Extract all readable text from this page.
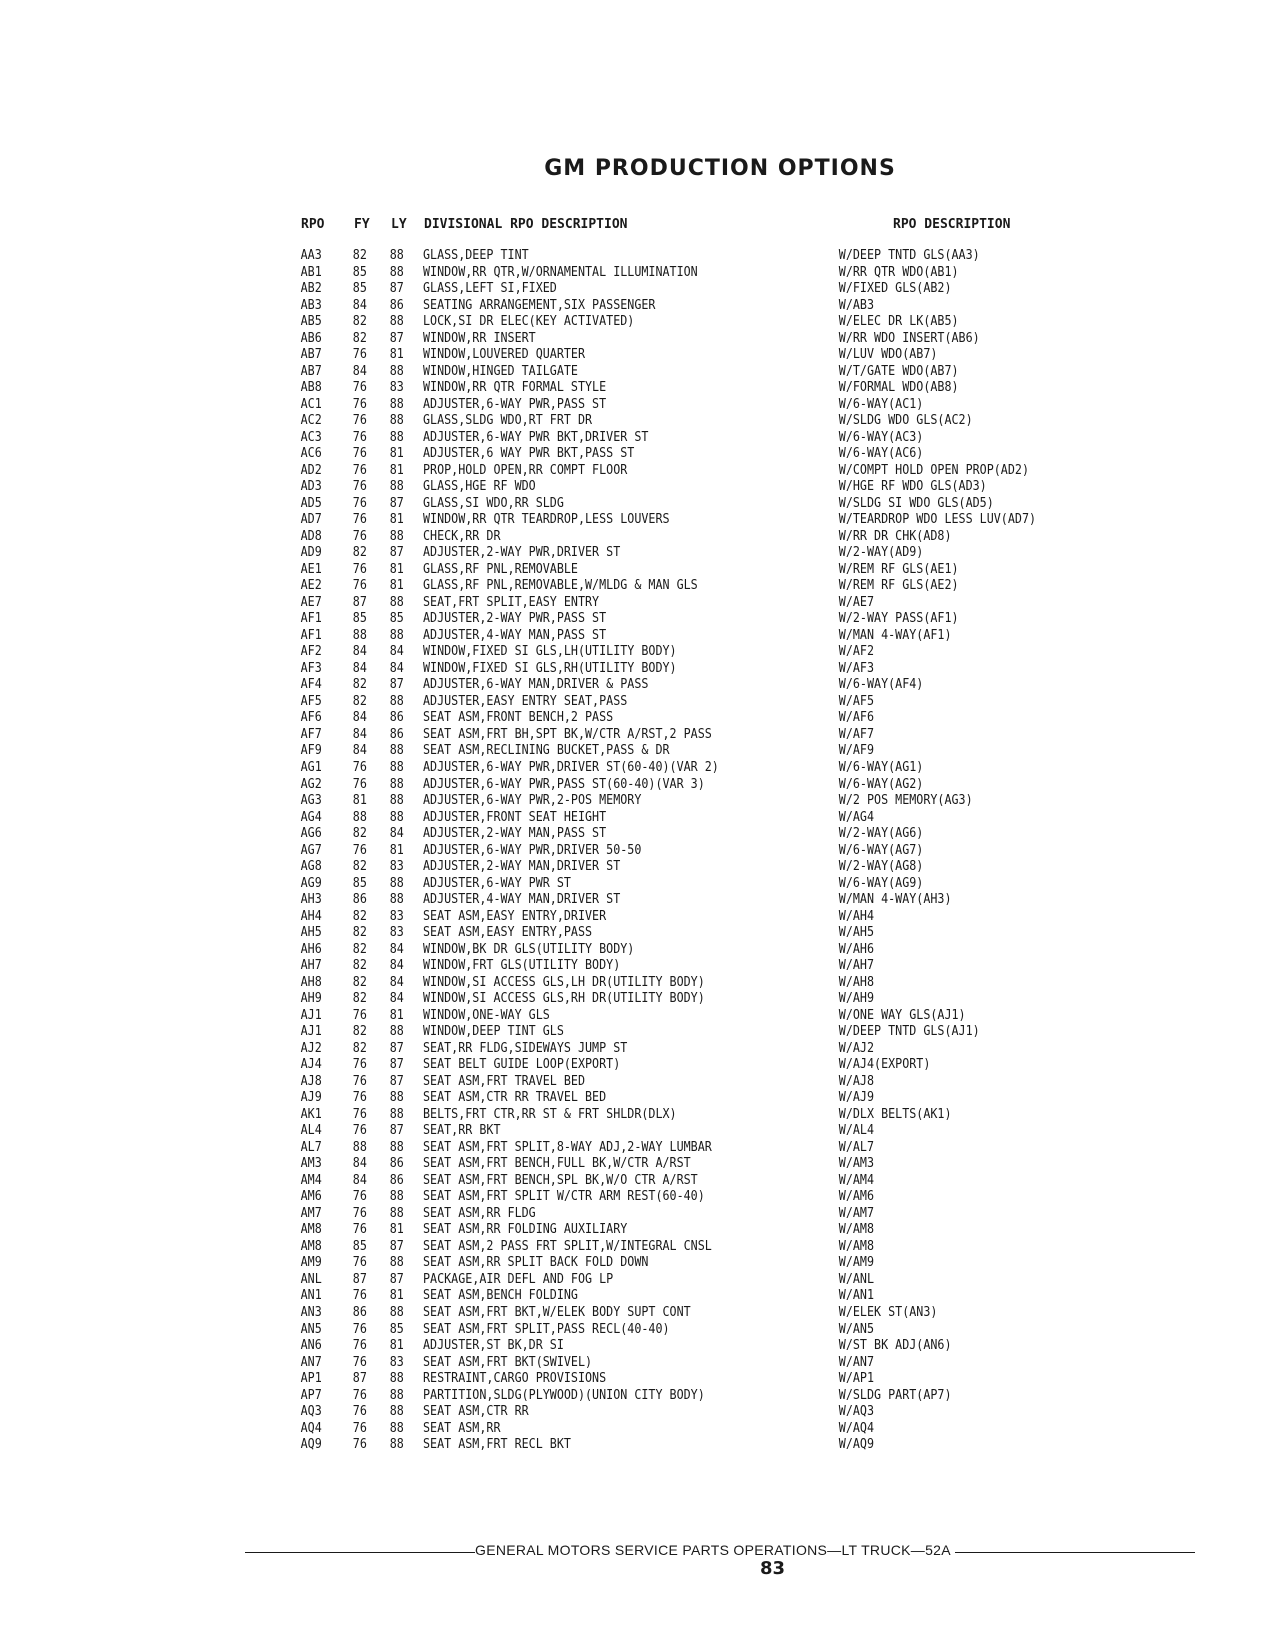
GM PRODUCTION OPTIONS
RPO FY LY DIVISIONAL RPO DESCRIPTION	RPO DESCRIPTION
AA3 82 88 GLASS,DEEP TINT	W/DEEP TNTD GLS(AA3)
AB1 85 88 WINDOW,RR QTR,W/ORNAMENTAL ILLUMINATION	W/RR QTR WDO(AB1)
AB2 85 87 GLASS,LEFT SI,FIXED	W/FIXED GLS(AB2)
AB3 84 86 SEATING ARRANGEMENT,SIX PASSENGER	W/AB3
AB5 82 88 LOCK,SI DR ELEC(KEY ACTIVATED)	W/ELEC DR LK(AB5)
AB6 82 87 WINDOW,RR INSERT	W/RR WDO INSERT(AB6)
AB7 76 81 WINDOW,LOUVERED QUARTER	W/LUV WDO(AB7)
AB7 84 88 WINDOW,HINGED TAILGATE	W/T/GATE WDO(AB7)
AB8 76 83 WINDOW,RR QTR FORMAL STYLE	W/FORMAL WDO(AB8)
AC1 76 88 ADJUSTER,6-WAY PWR,PASS ST	W/6-WAY(AC1)
AC2 76 88 GLASS,SLDG WDO,RT FRT DR	W/SLDG WDO GLS(AC2)
AC3 76 88 ADJUSTER,6-WAY PWR BKT,DRIVER ST	W/6-WAY(AC3)
AC6 76 81 ADJUSTER,6 WAY PWR BKT,PASS ST	W/6-WAY(AC6)
AD2 76 81 PROP,HOLD OPEN,RR COMPT FLOOR	W/COMPT HOLD OPEN PROP(AD2)
AD3 76 88 GLASS,HGE RF WDO	W/HGE RF WDO GLS(AD3)
AD5 76 87 GLASS,SI WDO,RR SLDG	W/SLDG SI WDO GLS(AD5)
AD7 76 81 WINDOW,RR QTR TEARDROP,LESS LOUVERS	W/TEARDROP WDO LESS LUV(AD7)
AD8 76 88 CHECK,RR DR	W/RR DR CHK(AD8)
AD9 82 87 ADJUSTER,2-WAY PWR,DRIVER ST	W/2-WAY(AD9)
AE1 76 81 GLASS,RF PNL,REMOVABLE	W/REM RF GLS(AE1)
AE2 76 81 GLASS,RF PNL,REMOVABLE,W/MLDG & MAN GLS	W/REM RF GLS(AE2)
AE7 87 88 SEAT,FRT SPLIT,EASY ENTRY	W/AE7
AF1 85 85 ADJUSTER,2-WAY PWR,PASS ST	W/2-WAY PASS(AF1)
AF1 88 88 ADJUSTER,4-WAY MAN,PASS ST	W/MAN 4-WAY(AF1)
AF2 84 84 WINDOW,FIXED SI GLS,LH(UTILITY BODY)	W/AF2
AF3 84 84 WINDOW,FIXED SI GLS,RH(UTILITY BODY)	W/AF3
AF4 82 87 ADJUSTER,6-WAY MAN,DRIVER & PASS	W/6-WAY(AF4)
AF5 82 88 ADJUSTER,EASY ENTRY SEAT,PASS	W/AF5
AF6 84 86 SEAT ASM,FRONT BENCH,2 PASS	W/AF6
AF7 84 86 SEAT ASM,FRT BH,SPT BK,W/CTR A/RST,2 PASS	W/AF7
AF9 84 88 SEAT ASM,RECLINING BUCKET,PASS & DR	W/AF9
AG1 76 88 ADJUSTER,6-WAY PWR,DRIVER ST(60-40)(VAR 2)	W/6-WAY(AG1)
AG2 76 88 ADJUSTER,6-WAY PWR,PASS ST(60-40)(VAR 3)	W/6-WAY(AG2)
AG3 81 88 ADJUSTER,6-WAY PWR,2-POS MEMORY	W/2 POS MEMORY(AG3)
AG4 88 88 ADJUSTER,FRONT SEAT HEIGHT	W/AG4
AG6 82 84 ADJUSTER,2-WAY MAN,PASS ST	W/2-WAY(AG6)
AG7 76 81 ADJUSTER,6-WAY PWR,DRIVER 50-50	W/6-WAY(AG7)
AG8 82 83 ADJUSTER,2-WAY MAN,DRIVER ST	W/2-WAY(AG8)
AG9 85 88 ADJUSTER,6-WAY PWR ST	W/6-WAY(AG9)
AH3 86 88 ADJUSTER,4-WAY MAN,DRIVER ST	W/MAN 4-WAY(AH3)
AH4 82 83 SEAT ASM,EASY ENTRY,DRIVER	W/AH4
AH5 82 83 SEAT ASM,EASY ENTRY,PASS	W/AH5
AH6 82 84 WINDOW,BK DR GLS(UTILITY BODY)	W/AH6
AH7 82 84 WINDOW,FRT GLS(UTILITY BODY)	W/AH7
AH8 82 84 WINDOW,SI ACCESS GLS,LH DR(UTILITY BODY)	W/AH8
AH9 82 84 WINDOW,SI ACCESS GLS,RH DR(UTILITY BODY)	W/AH9
AJ1 76 81 WINDOW,ONE-WAY GLS	W/ONE WAY GLS(AJ1)
AJ1 82 88 WINDOW,DEEP TINT GLS	W/DEEP TNTD GLS(AJ1)
AJ2 82 87 SEAT,RR FLDG,SIDEWAYS JUMP ST	W/AJ2
AJ4 76 87 SEAT BELT GUIDE LOOP(EXPORT)	W/AJ4(EXPORT)
AJ8 76 87 SEAT ASM,FRT TRAVEL BED	W/AJ8
AJ9 76 88 SEAT ASM,CTR RR TRAVEL BED	W/AJ9
AK1 76 88 BELTS,FRT CTR,RR ST & FRT SHLDR(DLX)	W/DLX BELTS(AK1)
AL4 76 87 SEAT,RR BKT	W/AL4
AL7 88 88 SEAT ASM,FRT SPLIT,8-WAY ADJ,2-WAY LUMBAR	W/AL7
AM3 84 86 SEAT ASM,FRT BENCH,FULL BK,W/CTR A/RST	W/AM3
AM4 84 86 SEAT ASM,FRT BENCH,SPL BK,W/O CTR A/RST	W/AM4
AM6 76 88 SEAT ASM,FRT SPLIT W/CTR ARM REST(60-40)	W/AM6
AM7 76 88 SEAT ASM,RR FLDG	W/AM7
AM8 76 81 SEAT ASM,RR FOLDING AUXILIARY	W/AM8
AM8 85 87 SEAT ASM,2 PASS FRT SPLIT,W/INTEGRAL CNSL	W/AM8
AM9 76 88 SEAT ASM,RR SPLIT BACK FOLD DOWN	W/AM9
ANL 87 87 PACKAGE,AIR DEFL AND FOG LP	W/ANL
AN1 76 81 SEAT ASM,BENCH FOLDING	W/AN1
AN3 86 88 SEAT ASM,FRT BKT,W/ELEK BODY SUPT CONT	W/ELEK ST(AN3)
AN5 76 85 SEAT ASM,FRT SPLIT,PASS RECL(40-40)	W/AN5
AN6 76 81 ADJUSTER,ST BK,DR SI	W/ST BK ADJ(AN6)
AN7 76 83 SEAT ASM,FRT BKT(SWIVEL)	W/AN7
AP1 87 88 RESTRAINT,CARGO PROVISIONS	W/AP1
AP7 76 88 PARTITION,SLDG(PLYWOOD)(UNION CITY BODY)	W/SLDG PART(AP7)
AQ3 76 88 SEAT ASM,CTR RR	W/AQ3
AQ4 76 88 SEAT ASM,RR	W/AQ4
AQ9 76 88 SEAT ASM,FRT RECL BKT	W/AQ9
GENERAL MOTORS SERVICE PARTS OPERATIONS—LT TRUCK—52A
83
